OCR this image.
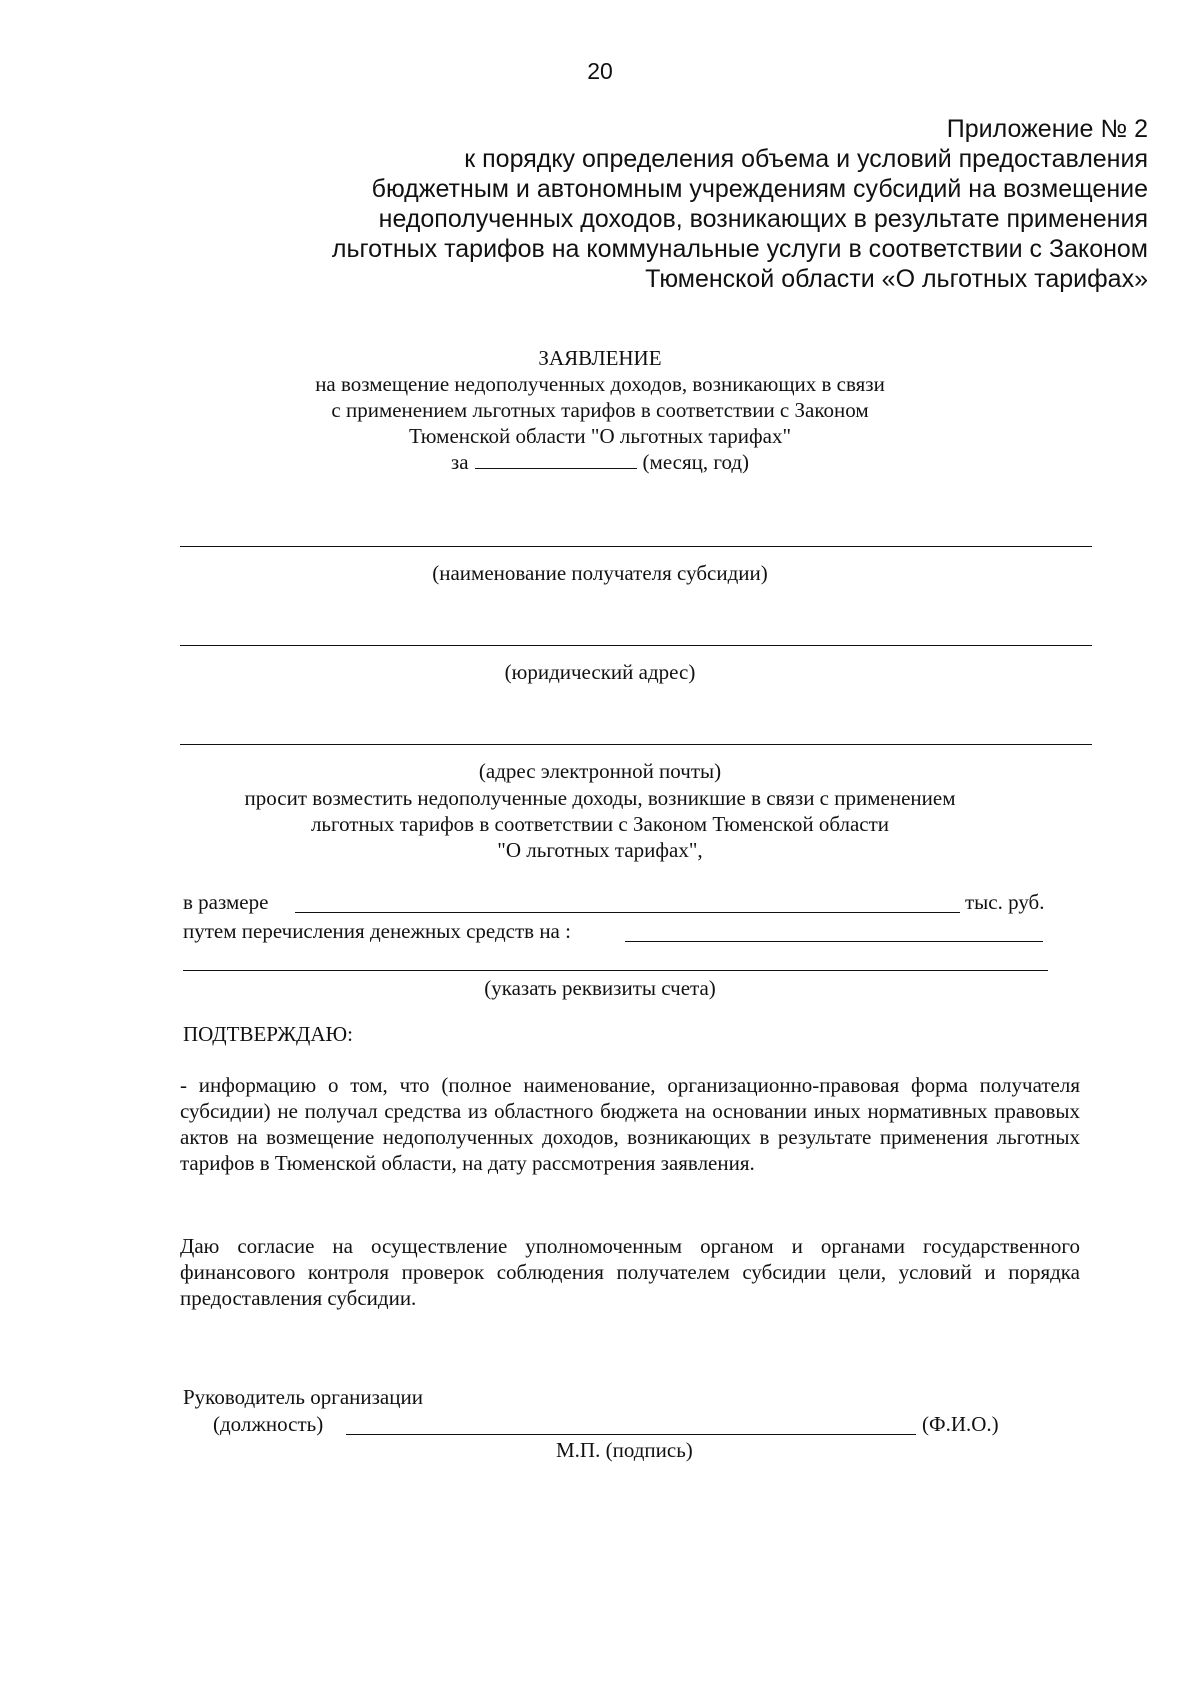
20
Приложение № 2
к порядку определения объема и условий предоставления
бюджетным и автономным учреждениям субсидий на возмещение
недополученных доходов, возникающих в результате применения
льготных тарифов на коммунальные услуги в соответствии с Законом
Тюменской области «О льготных тарифах»
ЗАЯВЛЕНИЕ
на возмещение недополученных доходов, возникающих в связи
с применением льготных тарифов в соответствии с Законом
Тюменской области "О льготных тарифах"
за	(месяц, год)
(наименование получателя субсидии)
(юридический адрес)
(адрес электронной почты)
просит возместить недополученные доходы, возникшие в связи с применением
льготных тарифов в соответствии с Законом Тюменской области
"О льготных тарифах",
в размере	тыс. руб.
путем перечисления денежных средств на :
(указать реквизиты счета)
ПОДТВЕРЖДАЮ:
- информацию о том, что (полное наименование, организационно-правовая форма получателя субсидии) не получал средства из областного бюджета на основании иных нормативных правовых актов на возмещение недополученных доходов, возникающих в результате применения льготных тарифов в Тюменской области, на дату рассмотрения заявления.
Даю согласие на осуществление уполномоченным органом и органами государственного финансового контроля проверок соблюдения получателем субсидии цели, условий и порядка предоставления субсидии.
Руководитель организации
(должность)	(Ф.И.О.)
М.П. (подпись)
